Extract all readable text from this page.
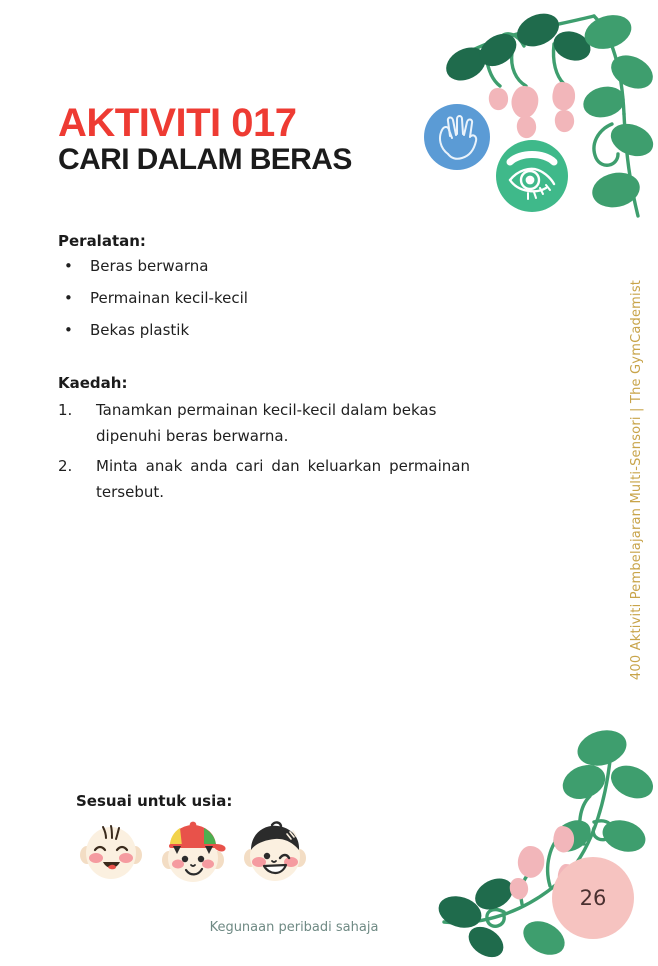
AKTIVITI 017
CARI DALAM BERAS
Peralatan:
• Beras berwarna
• Permainan kecil-kecil
• Bekas plastik
Kaedah:
1. Tanamkan permainan kecil-kecil dalam bekas dipenuhi beras berwarna.
2. Minta anak anda cari dan keluarkan permainan tersebut.	400 Aktiviti Pembelajaran Multi-Sensori | The GymCademist
Sesuai untuk usia:
Kegunaan peribadi sahaja
26
